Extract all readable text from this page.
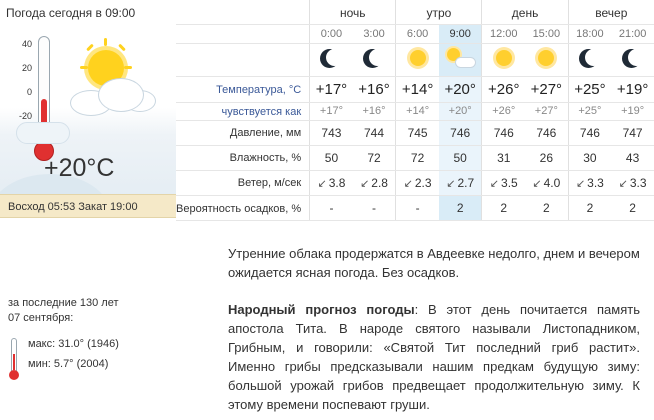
Погода сегодня в 09:00
40
20
0
-20
+20°C
Восход 05:53 Закат 19:00
за последние 130 лет
07 сентября:
макс: 31.0° (1946)
мин: 5.7° (2004)
	ночь		утро		день		вечер	
	0:00	3:00	6:00	9:00	12:00	15:00	18:00	21:00

Температура, °C	+17°	+16°	+14°	+20°	+26°	+27°	+25°	+19°
чувствуется как	+17°	+16°	+14°	+20°	+26°	+27°	+25°	+19°
Давление, мм	743	744	745	746	746	746	746	747
Влажность, %	50	72	72	50	31	26	30	43
Ветер, м/сек	↙ 3.8	↙ 2.8	↙ 2.3	↙ 2.7	↙ 3.5	↙ 4.0	↙ 3.3	↙ 3.3
Вероятность осадков, %	-	-	-	2	2	2	2	2
Утренние облака продержатся в Авдеевке недолго, днем и вечером ожидается ясная погода. Без осадков.
Народный прогноз погоды: В этот день почитается память апостола Тита. В народе святого называли Листопадником, Грибным, и говорили: «Святой Тит последний гриб растит». Именно грибы предсказывали нашим предкам будущую зиму: большой урожай грибов предвещает продолжительную зиму. К этому времени поспевают груши.
